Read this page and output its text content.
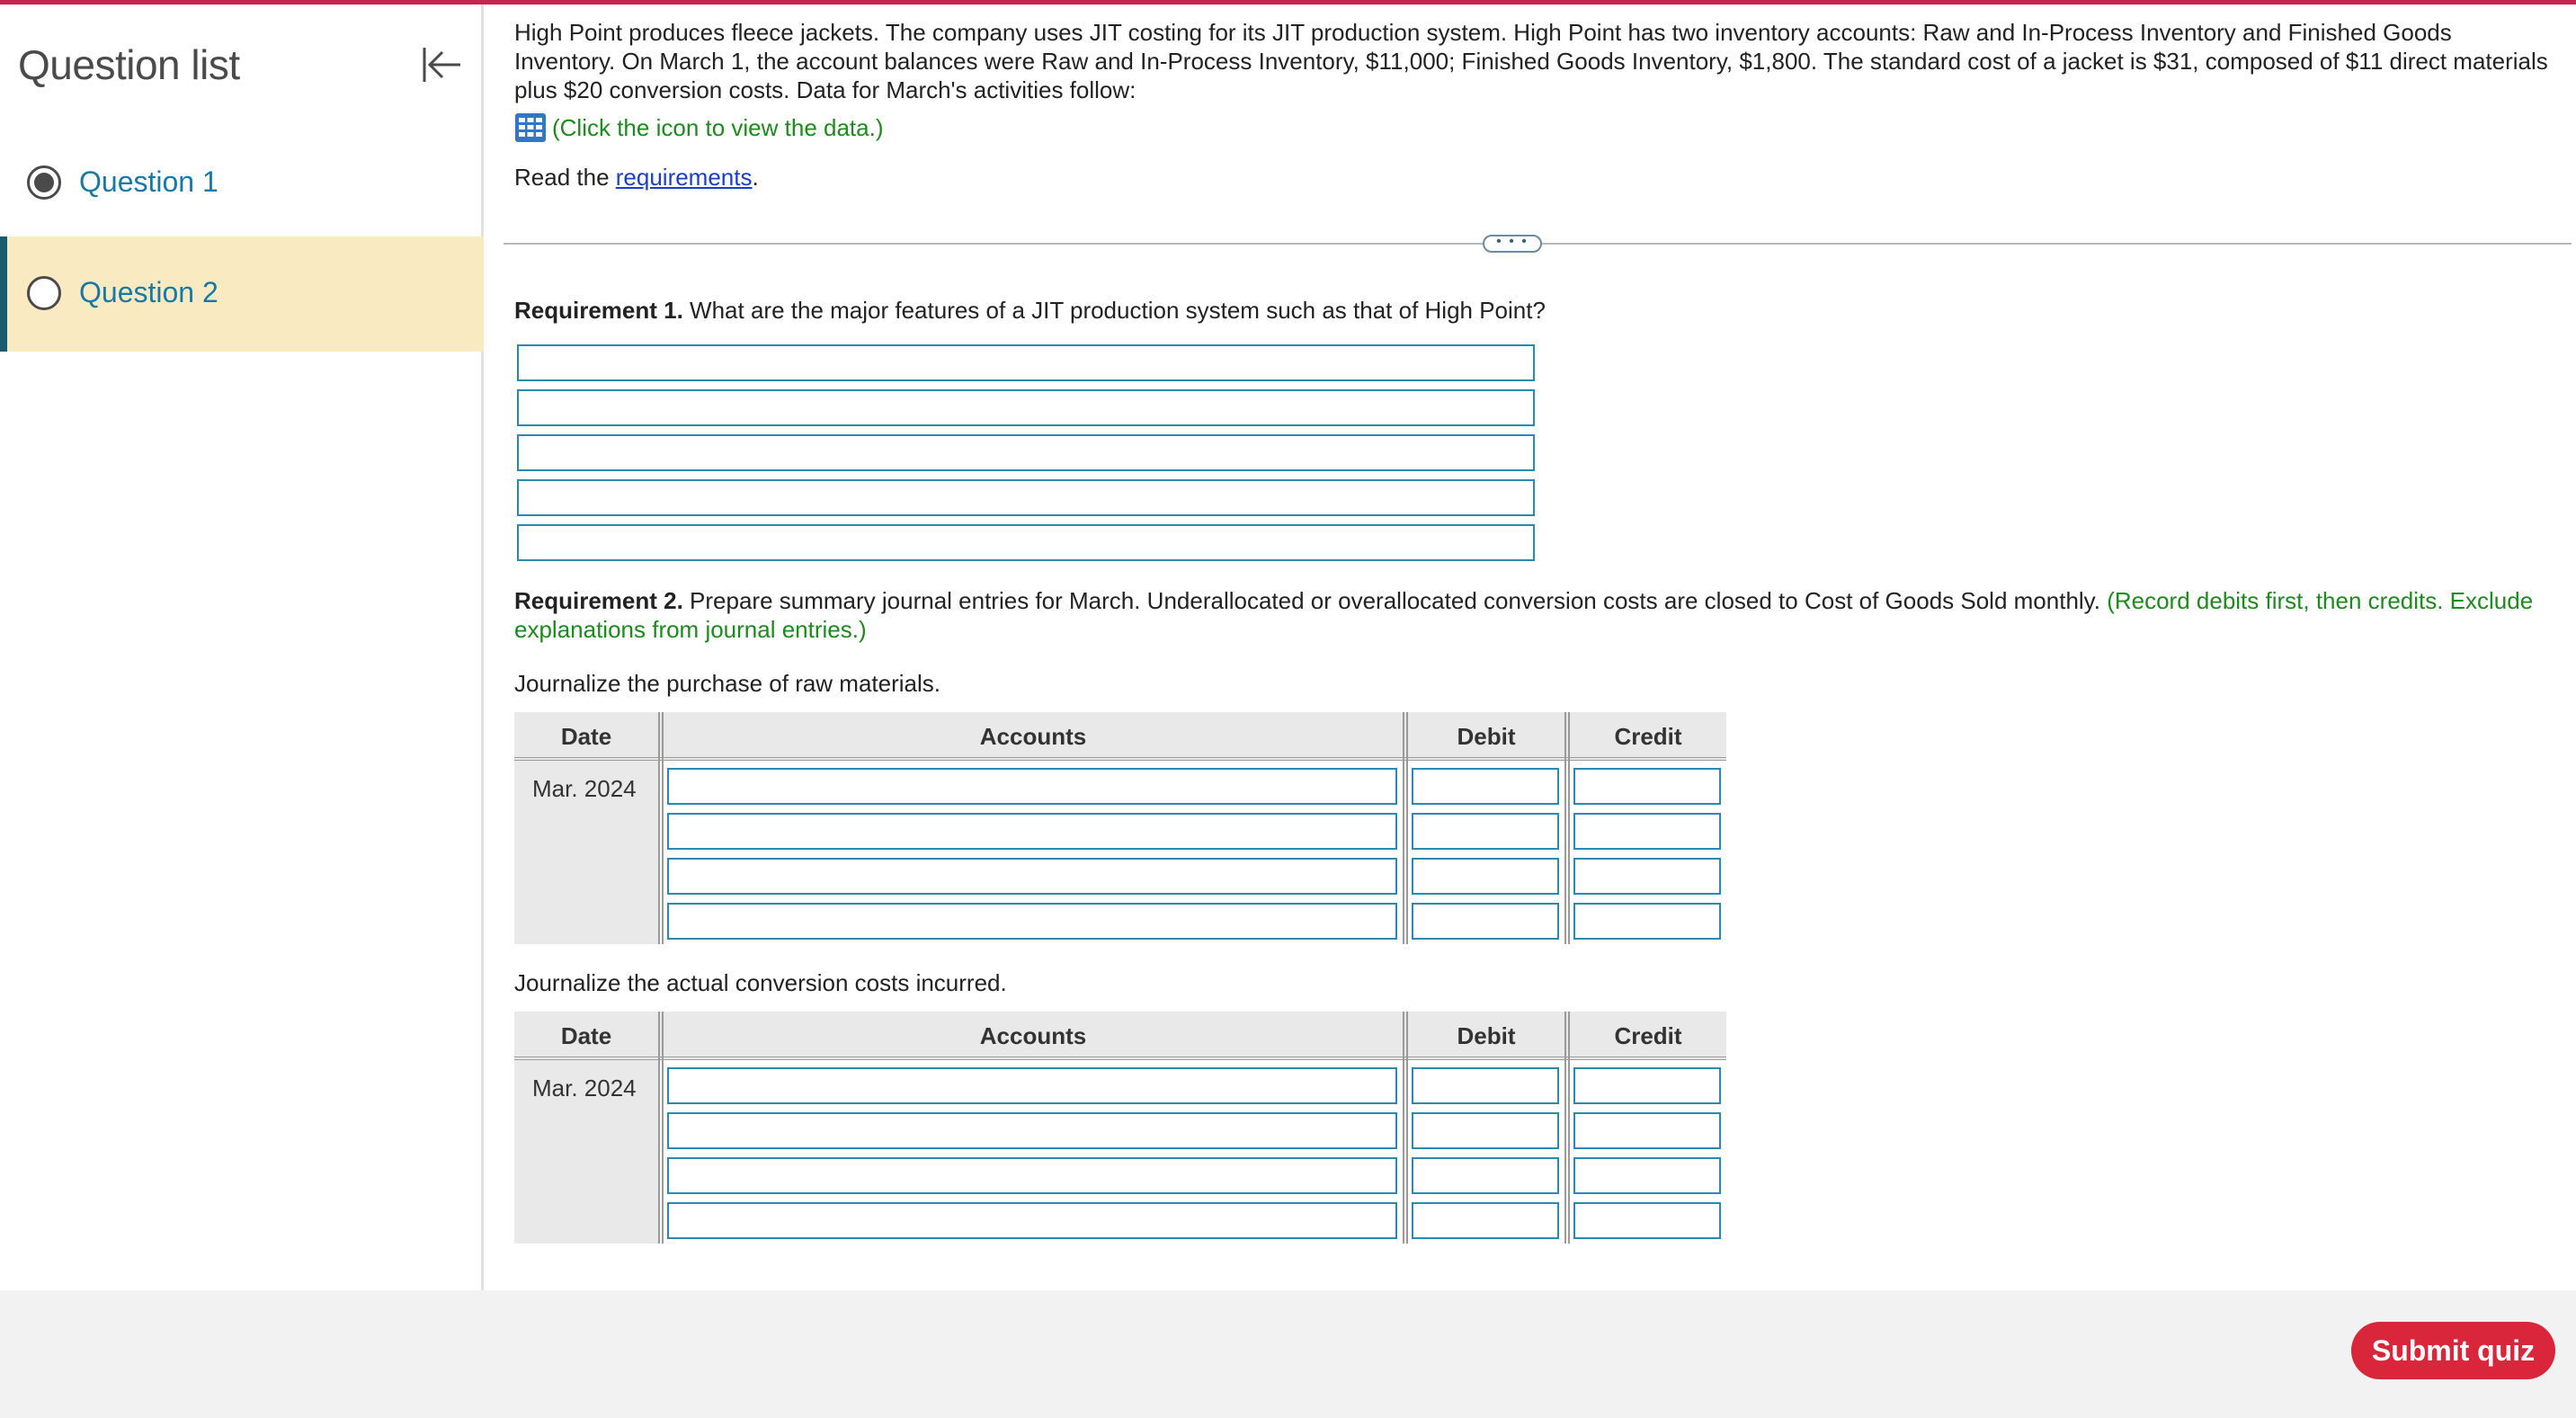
Question list
Question 1
Question 2

High Point produces fleece jackets. The company uses JIT costing for its JIT production system. High Point has two inventory accounts: Raw and In-Process Inventory and Finished Goods Inventory. On March 1, the account balances were Raw and In-Process Inventory, $11,000; Finished Goods Inventory, $1,800. The standard cost of a jacket is $31, composed of $11 direct materials plus $20 conversion costs. Data for March's activities follow:

(Click the icon to view the data.)
Read the requirements.
• • •
Requirement 1. What are the major features of a JIT production system such as that of High Point?
Requirement 2. Prepare summary journal entries for March. Underallocated or overallocated conversion costs are closed to Cost of Goods Sold monthly. (Record debits first, then credits. Exclude explanations from journal entries.)
Journalize the purchase of raw materials.
Date	Accounts	Debit	Credit
Mar. 2024
Journalize the actual conversion costs incurred.
Date	Accounts	Debit	Credit
Mar. 2024
Submit quiz
